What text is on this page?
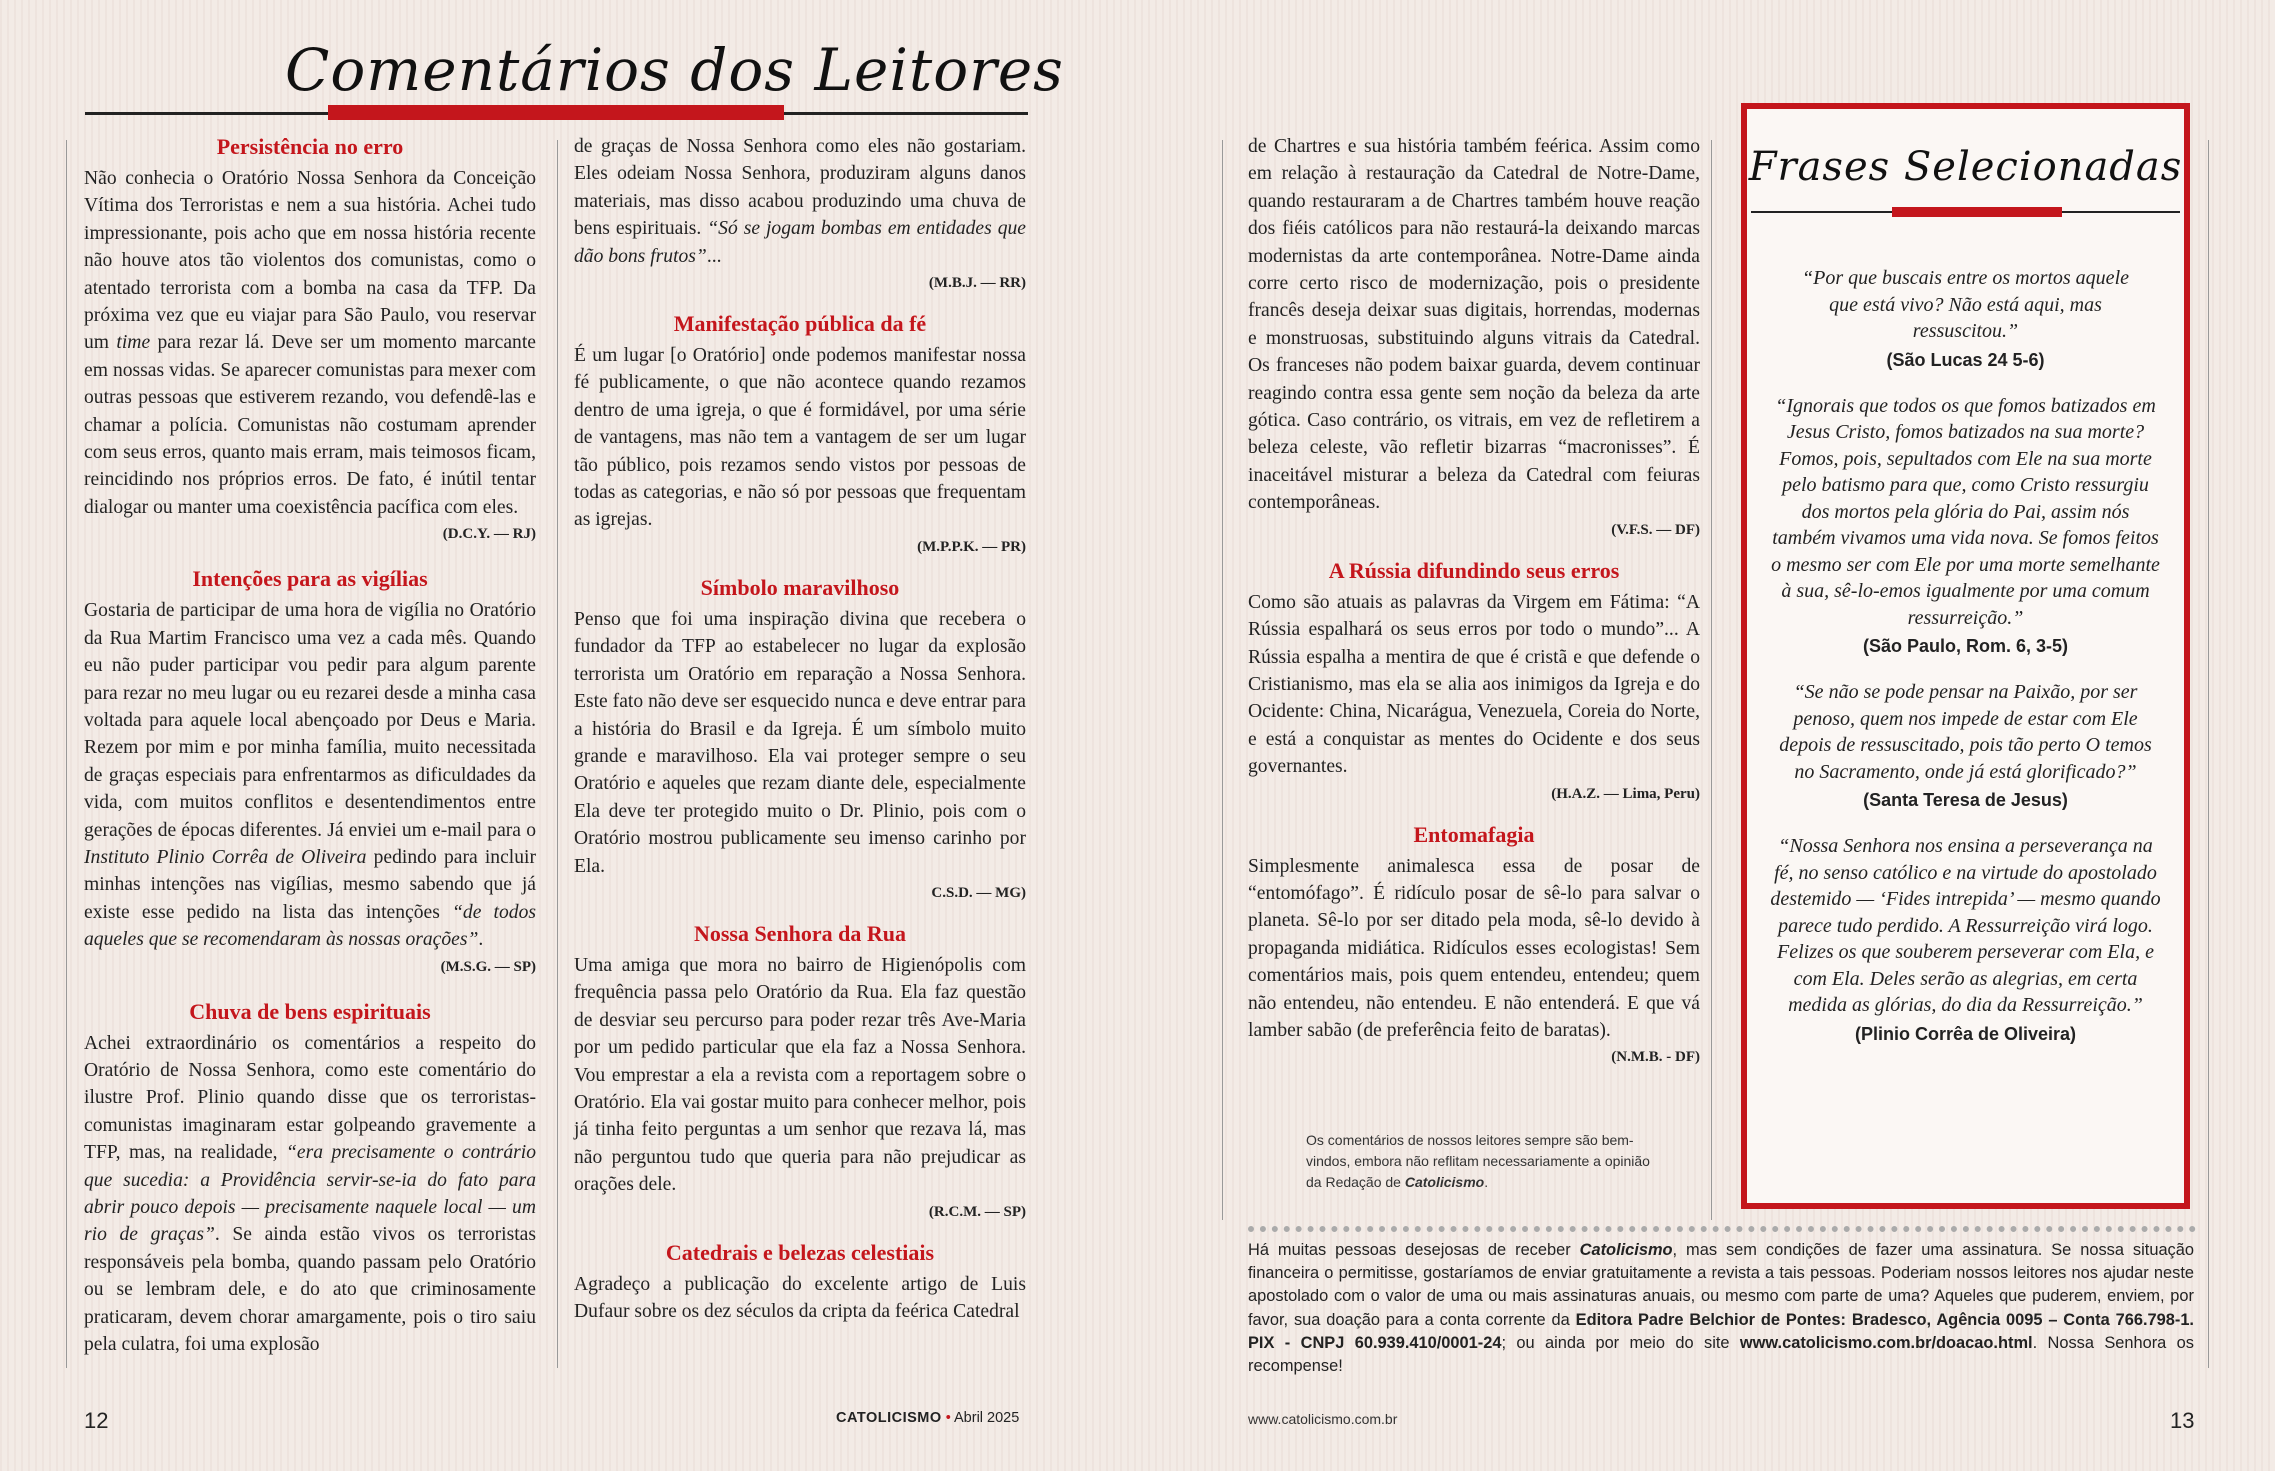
Comentários dos Leitores
Persistência no erro

Não conhecia o Oratório Nossa Senhora da Conceição Vítima dos Terroristas e nem a sua história. Achei tudo impressionante, pois acho que em nossa história recente não houve atos tão violentos dos comunistas, como o atentado terrorista com a bomba na casa da TFP. Da próxima vez que eu viajar para São Paulo, vou reservar um time para rezar lá. Deve ser um momento marcante em nossas vidas. Se aparecer comunistas para mexer com outras pessoas que estiverem rezando, vou defendê-las e chamar a polícia. Comunistas não costumam aprender com seus erros, quanto mais erram, mais teimosos ficam, reincidindo nos próprios erros. De fato, é inútil tentar dialogar ou manter uma coexistência pacífica com eles.

(D.C.Y. — RJ)
Intenções para as vigílias

Gostaria de participar de uma hora de vigília no Oratório da Rua Martim Francisco uma vez a cada mês. Quando eu não puder participar vou pedir para algum parente para rezar no meu lugar ou eu rezarei desde a minha casa voltada para aquele local abençoado por Deus e Maria. Rezem por mim e por minha família, muito necessitada de graças especiais para enfrentarmos as dificuldades da vida, com muitos conflitos e desentendimentos entre gerações de épocas diferentes. Já enviei um e-mail para o Instituto Plinio Corrêa de Oliveira pedindo para incluir minhas intenções nas vigílias, mesmo sabendo que já existe esse pedido na lista das intenções “de todos aqueles que se recomendaram às nossas orações”.

(M.S.G. — SP)
Chuva de bens espirituais

Achei extraordinário os comentários a respeito do Oratório de Nossa Senhora, como este comentário do ilustre Prof. Plinio quando disse que os terroristas-comunistas imaginaram estar golpeando gravemente a TFP, mas, na realidade, “era precisamente o contrário que sucedia: a Providência servir-se-ia do fato para abrir pouco depois — precisamente naquele local — um rio de graças”. Se ainda estão vivos os terroristas responsáveis pela bomba, quando passam pelo Oratório ou se lembram dele, e do ato que criminosamente praticaram, devem chorar amargamente, pois o tiro saiu pela culatra, foi uma explosão

de graças de Nossa Senhora como eles não gostariam. Eles odeiam Nossa Senhora, produziram alguns danos materiais, mas disso acabou produzindo uma chuva de bens espirituais. “Só se jogam bombas em entidades que dão bons frutos”...

(M.B.J. — RR)
Manifestação pública da fé

É um lugar [o Oratório] onde podemos manifestar nossa fé publicamente, o que não acontece quando rezamos dentro de uma igreja, o que é formidável, por uma série de vantagens, mas não tem a vantagem de ser um lugar tão público, pois rezamos sendo vistos por pessoas de todas as categorias, e não só por pessoas que frequentam as igrejas.

(M.P.P.K. — PR)
Símbolo maravilhoso

Penso que foi uma inspiração divina que recebera o fundador da TFP ao estabelecer no lugar da explosão terrorista um Oratório em reparação a Nossa Senhora. Este fato não deve ser esquecido nunca e deve entrar para a história do Brasil e da Igreja. É um símbolo muito grande e maravilhoso. Ela vai proteger sempre o seu Oratório e aqueles que rezam diante dele, especialmente Ela deve ter protegido muito o Dr. Plinio, pois com o Oratório mostrou publicamente seu imenso carinho por Ela.

C.S.D. — MG)
Nossa Senhora da Rua

Uma amiga que mora no bairro de Higienópolis com frequência passa pelo Oratório da Rua. Ela faz questão de desviar seu percurso para poder rezar três Ave-Maria por um pedido particular que ela faz a Nossa Senhora. Vou emprestar a ela a revista com a reportagem sobre o Oratório. Ela vai gostar muito para conhecer melhor, pois já tinha feito perguntas a um senhor que rezava lá, mas não perguntou tudo que queria para não prejudicar as orações dele.

(R.C.M. — SP)
Catedrais e belezas celestiais

Agradeço a publicação do excelente artigo de Luis Dufaur sobre os dez séculos da cripta da feérica Catedral

de Chartres e sua história também feérica. Assim como em relação à restauração da Catedral de Notre-Dame, quando restauraram a de Chartres também houve reação dos fiéis católicos para não restaurá-la deixando marcas modernistas da arte contemporânea. Notre-Dame ainda corre certo risco de modernização, pois o presidente francês deseja deixar suas digitais, horrendas, modernas e monstruosas, substituindo alguns vitrais da Catedral. Os franceses não podem baixar guarda, devem continuar reagindo contra essa gente sem noção da beleza da arte gótica. Caso contrário, os vitrais, em vez de refletirem a beleza celeste, vão refletir bizarras “macronisses”. É inaceitável misturar a beleza da Catedral com feiuras contemporâneas.

(V.F.S. — DF)
A Rússia difundindo seus erros

Como são atuais as palavras da Virgem em Fátima: “A Rússia espalhará os seus erros por todo o mundo”... A Rússia espalha a mentira de que é cristã e que defende o Cristianismo, mas ela se alia aos inimigos da Igreja e do Ocidente: China, Nicarágua, Venezuela, Coreia do Norte, e está a conquistar as mentes do Ocidente e dos seus governantes.

(H.A.Z. — Lima, Peru)
Entomafagia

Simplesmente animalesca essa de posar de “entomófago”. É ridículo posar de sê-lo para salvar o planeta. Sê-lo por ser ditado pela moda, sê-lo devido à propaganda midiática. Ridículos esses ecologistas! Sem comentários mais, pois quem entendeu, entendeu; quem não entendeu, não entendeu. E não entenderá. E que vá lamber sabão (de preferência feito de baratas).

(N.M.B. - DF)
Os comentários de nossos leitores sempre são bem-vindos, embora não reflitam necessariamente a opinião da Redação de Catolicismo.
Frases Selecionadas
“Por que buscais entre os mortos aquele que está vivo? Não está aqui, mas ressuscitou.”
(São Lucas 24 5-6)
“Ignorais que todos os que fomos batizados em Jesus Cristo, fomos batizados na sua morte? Fomos, pois, sepultados com Ele na sua morte pelo batismo para que, como Cristo ressurgiu dos mortos pela glória do Pai, assim nós também vivamos uma vida nova. Se fomos feitos o mesmo ser com Ele por uma morte semelhante à sua, sê-lo-emos igualmente por uma comum ressurreição.”
(São Paulo, Rom. 6, 3-5)
“Se não se pode pensar na Paixão, por ser penoso, quem nos impede de estar com Ele depois de ressuscitado, pois tão perto O temos no Sacramento, onde já está glorificado?”
(Santa Teresa de Jesus)
“Nossa Senhora nos ensina a perseverança na fé, no senso católico e na virtude do apostolado destemido — ‘Fides intrepida’ — mesmo quando parece tudo perdido. A Ressurreição virá logo. Felizes os que souberem perseverar com Ela, e com Ela. Deles serão as alegrias, em certa medida as glórias, do dia da Ressurreição.”
(Plinio Corrêa de Oliveira)
Há muitas pessoas desejosas de receber Catolicismo, mas sem condições de fazer uma assinatura. Se nossa situação financeira o permitisse, gostaríamos de enviar gratuitamente a revista a tais pessoas. Poderiam nossos leitores nos ajudar neste apostolado com o valor de uma ou mais assinaturas anuais, ou mesmo com parte de uma? Aqueles que puderem, enviem, por favor, sua doação para a conta corrente da Editora Padre Belchior de Pontes: Bradesco, Agência 0095 – Conta 766.798-1. PIX - CNPJ 60.939.410/0001-24; ou ainda por meio do site www.catolicismo.com.br/doacao.html. Nossa Senhora os recompense!
12	CATOLICISMO • Abril 2025	www.catolicismo.com.br	13
